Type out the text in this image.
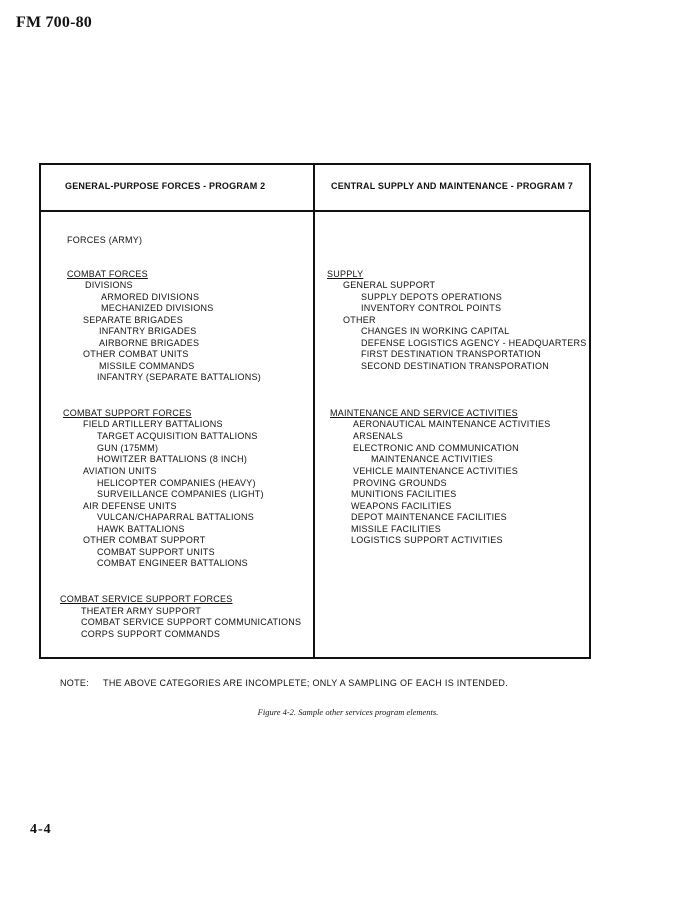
FM 700-80
GENERAL-PURPOSE FORCES - PROGRAM 2	CENTRAL SUPPLY AND MAINTENANCE - PROGRAM 7
FORCES (ARMY)
COMBAT FORCES
DIVISIONS
ARMORED DIVISIONS
MECHANIZED DIVISIONS
SEPARATE BRIGADES
INFANTRY BRIGADES
AIRBORNE BRIGADES
OTHER COMBAT UNITS
MISSILE COMMANDS
INFANTRY (SEPARATE BATTALIONS)
COMBAT SUPPORT FORCES
FIELD ARTILLERY BATTALIONS
TARGET ACQUISITION BATTALIONS
GUN (175MM)
HOWITZER BATTALIONS (8 INCH)
AVIATION UNITS
HELICOPTER COMPANIES (HEAVY)
SURVEILLANCE COMPANIES (LIGHT)
AIR DEFENSE UNITS
VULCAN/CHAPARRAL BATTALIONS
HAWK BATTALIONS
OTHER COMBAT SUPPORT
COMBAT SUPPORT UNITS
COMBAT ENGINEER BATTALIONS
COMBAT SERVICE SUPPORT FORCES
THEATER ARMY SUPPORT
COMBAT SERVICE SUPPORT COMMUNICATIONS
CORPS SUPPORT COMMANDS
SUPPLY
GENERAL SUPPORT
SUPPLY DEPOTS OPERATIONS
INVENTORY CONTROL POINTS
OTHER
CHANGES IN WORKING CAPITAL
DEFENSE LOGISTICS AGENCY - HEADQUARTERS
FIRST DESTINATION TRANSPORTATION
SECOND DESTINATION TRANSPORATION
MAINTENANCE AND SERVICE ACTIVITIES
AERONAUTICAL MAINTENANCE ACTIVITIES
ARSENALS
ELECTRONIC AND COMMUNICATION
MAINTENANCE ACTIVITIES
VEHICLE MAINTENANCE ACTIVITIES
PROVING GROUNDS
MUNITIONS FACILITIES
WEAPONS FACILITIES
DEPOT MAINTENANCE FACILITIES
MISSILE FACILITIES
LOGISTICS SUPPORT ACTIVITIES
NOTE: THE ABOVE CATEGORIES ARE INCOMPLETE; ONLY A SAMPLING OF EACH IS INTENDED.
Figure 4-2. Sample other services program elements.
4-4
